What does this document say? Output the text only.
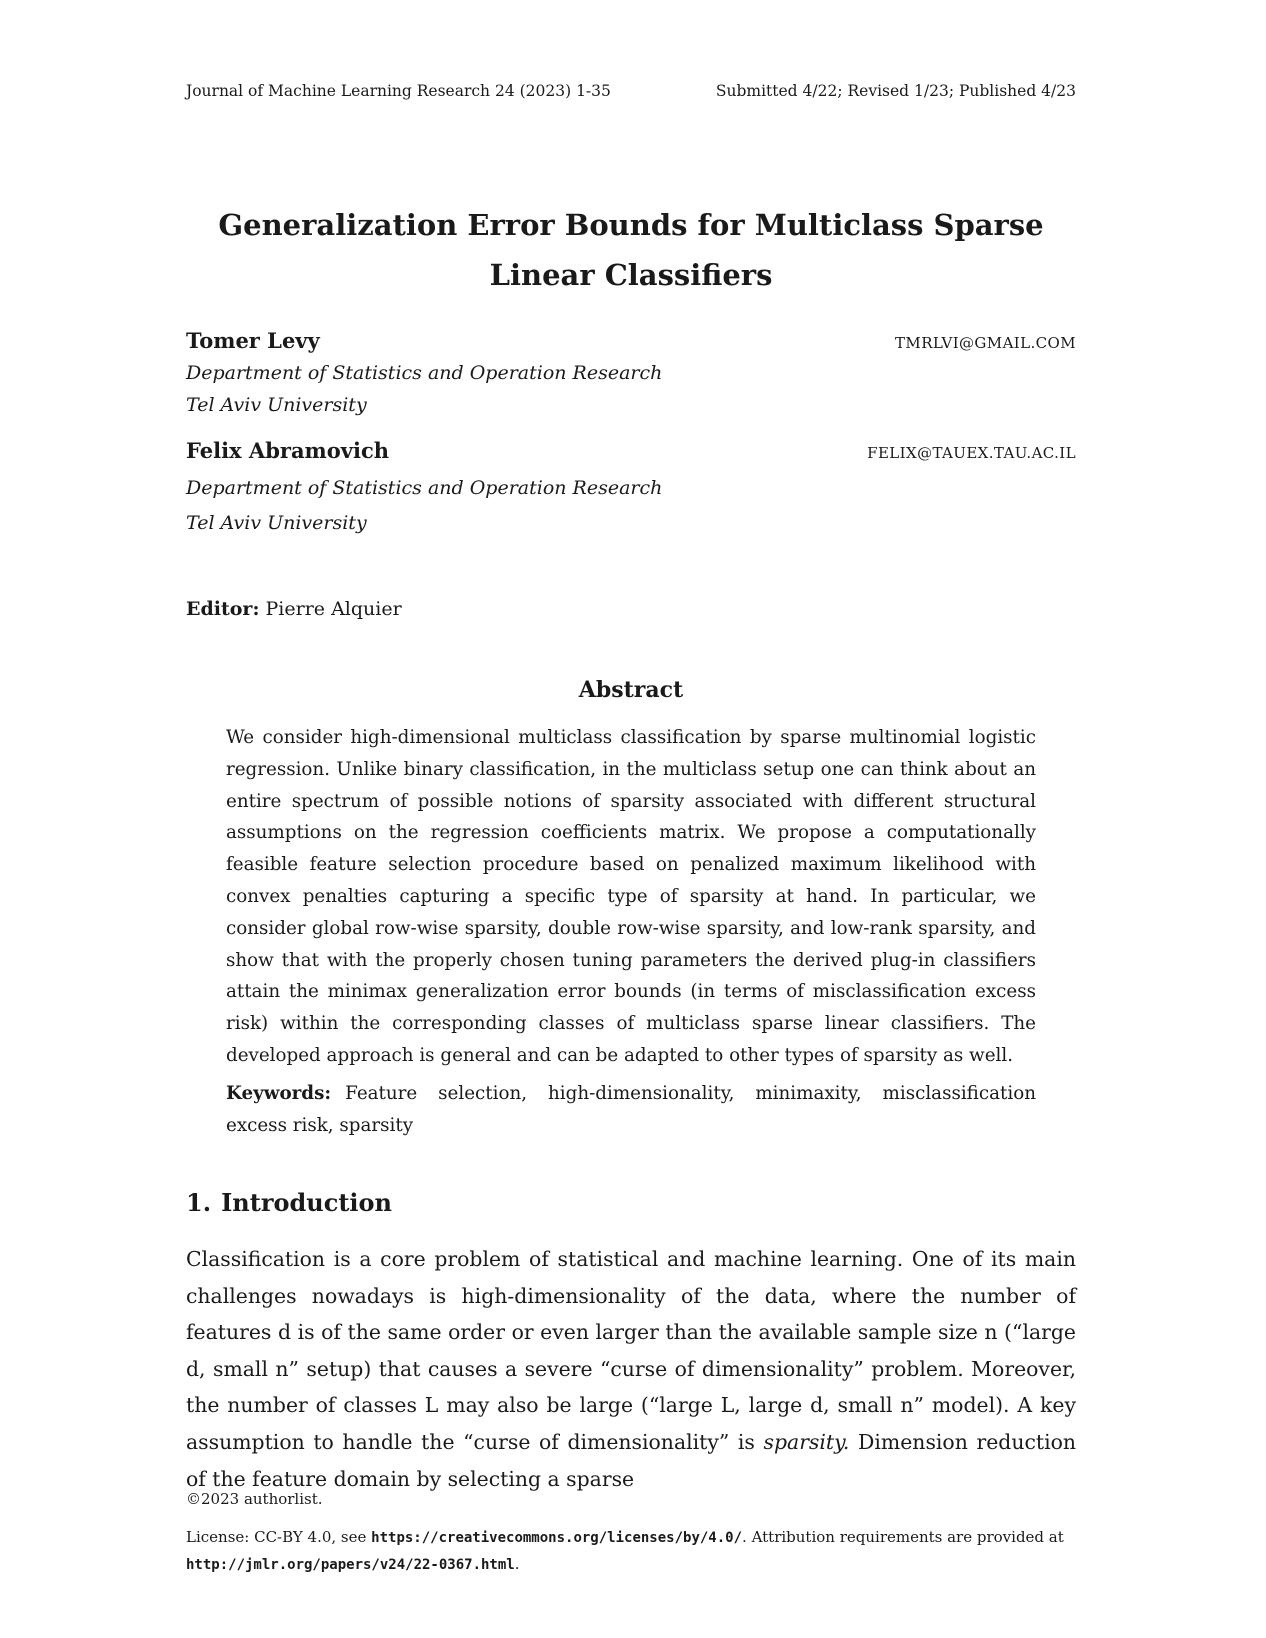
Journal of Machine Learning Research 24 (2023) 1-35	Submitted 4/22; Revised 1/23; Published 4/23
Generalization Error Bounds for Multiclass Sparse Linear Classifiers
Tomer Levy	TMRLVI@GMAIL.COM
Department of Statistics and Operation Research
Tel Aviv University
Felix Abramovich	FELIX@TAUEX.TAU.AC.IL
Department of Statistics and Operation Research
Tel Aviv University
Editor: Pierre Alquier
Abstract

We consider high-dimensional multiclass classification by sparse multinomial logistic regression. Unlike binary classification, in the multiclass setup one can think about an entire spectrum of possible notions of sparsity associated with different structural assumptions on the regression coefficients matrix. We propose a computationally feasible feature selection procedure based on penalized maximum likelihood with convex penalties capturing a specific type of sparsity at hand. In particular, we consider global row-wise sparsity, double row-wise sparsity, and low-rank sparsity, and show that with the properly chosen tuning parameters the derived plug-in classifiers attain the minimax generalization error bounds (in terms of misclassification excess risk) within the corresponding classes of multiclass sparse linear classifiers. The developed approach is general and can be adapted to other types of sparsity as well.

Keywords: Feature selection, high-dimensionality, minimaxity, misclassification excess risk, sparsity

1. Introduction

Classification is a core problem of statistical and machine learning. One of its main challenges nowadays is high-dimensionality of the data, where the number of features d is of the same order or even larger than the available sample size n (“large d, small n” setup) that causes a severe “curse of dimensionality” problem. Moreover, the number of classes L may also be large (“large L, large d, small n” model). A key assumption to handle the “curse of dimensionality” is sparsity. Dimension reduction of the feature domain by selecting a sparse

©2023 authorlist.

License: CC-BY 4.0, see https://creativecommons.org/licenses/by/4.0/. Attribution requirements are provided at http://jmlr.org/papers/v24/22-0367.html.
